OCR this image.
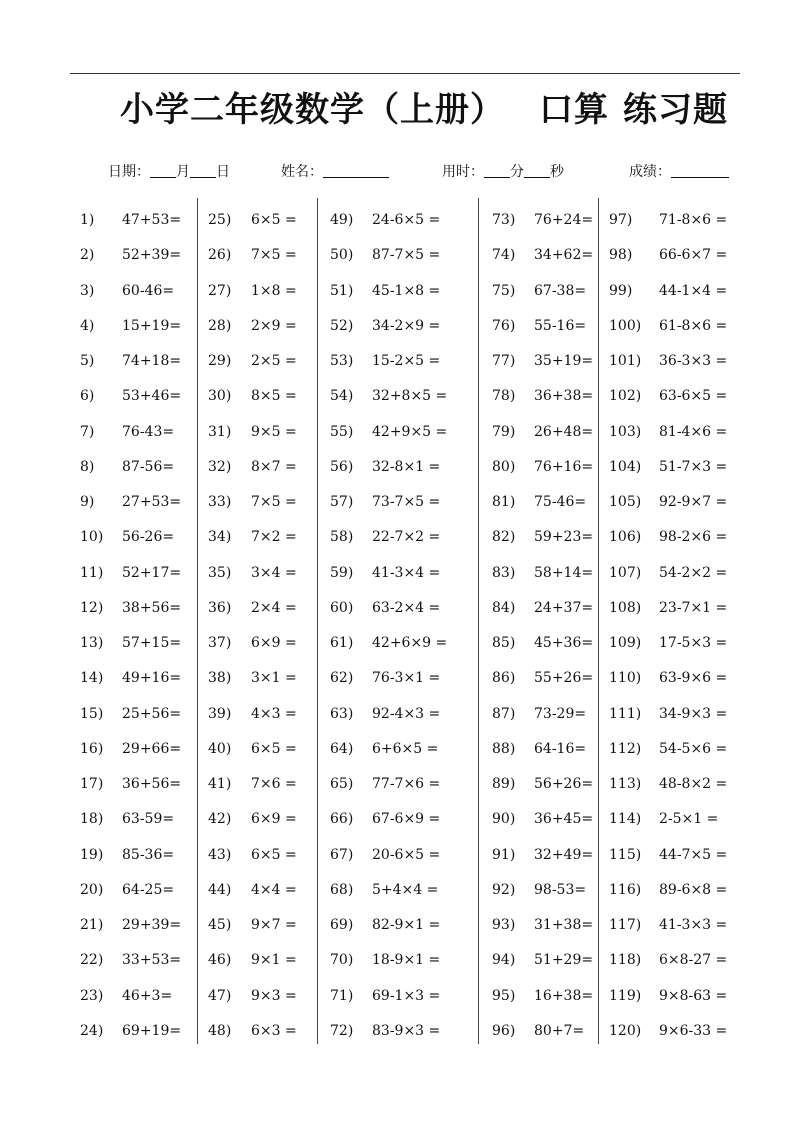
小学二年级数学（上册） 口算 练习题
日期： 月 日	姓名：	用时： 分 秒	成绩：
1) 47+53=
2) 52+39=
3) 60-46=
4) 15+19=
5) 74+18=
6) 53+46=
7) 76-43=
8) 87-56=
9) 27+53=
10) 56-26=
11) 52+17=
12) 38+56=
13) 57+15=
14) 49+16=
15) 25+56=
16) 29+66=
17) 36+56=
18) 63-59=
19) 85-36=
20) 64-25=
21) 29+39=
22) 33+53=
23) 46+3=
24) 69+19=
25) 6×5 =
26) 7×5 =
27) 1×8 =
28) 2×9 =
29) 2×5 =
30) 8×5 =
31) 9×5 =
32) 8×7 =
33) 7×5 =
34) 7×2 =
35) 3×4 =
36) 2×4 =
37) 6×9 =
38) 3×1 =
39) 4×3 =
40) 6×5 =
41) 7×6 =
42) 6×9 =
43) 6×5 =
44) 4×4 =
45) 9×7 =
46) 9×1 =
47) 9×3 =
48) 6×3 =
49) 24-6×5 =
50) 87-7×5 =
51) 45-1×8 =
52) 34-2×9 =
53) 15-2×5 =
54) 32+8×5 =
55) 42+9×5 =
56) 32-8×1 =
57) 73-7×5 =
58) 22-7×2 =
59) 41-3×4 =
60) 63-2×4 =
61) 42+6×9 =
62) 76-3×1 =
63) 92-4×3 =
64) 6+6×5 =
65) 77-7×6 =
66) 67-6×9 =
67) 20-6×5 =
68) 5+4×4 =
69) 82-9×1 =
70) 18-9×1 =
71) 69-1×3 =
72) 83-9×3 =
73) 76+24=
74) 34+62=
75) 67-38=
76) 55-16=
77) 35+19=
78) 36+38=
79) 26+48=
80) 76+16=
81) 75-46=
82) 59+23=
83) 58+14=
84) 24+37=
85) 45+36=
86) 55+26=
87) 73-29=
88) 64-16=
89) 56+26=
90) 36+45=
91) 32+49=
92) 98-53=
93) 31+38=
94) 51+29=
95) 16+38=
96) 80+7=
97) 71-8×6 =
98) 66-6×7 =
99) 44-1×4 =
100) 61-8×6 =
101) 36-3×3 =
102) 63-6×5 =
103) 81-4×6 =
104) 51-7×3 =
105) 92-9×7 =
106) 98-2×6 =
107) 54-2×2 =
108) 23-7×1 =
109) 17-5×3 =
110) 63-9×6 =
111) 34-9×3 =
112) 54-5×6 =
113) 48-8×2 =
114) 2-5×1 =
115) 44-7×5 =
116) 89-6×8 =
117) 41-3×3 =
118) 6×8-27 =
119) 9×8-63 =
120) 9×6-33 =
